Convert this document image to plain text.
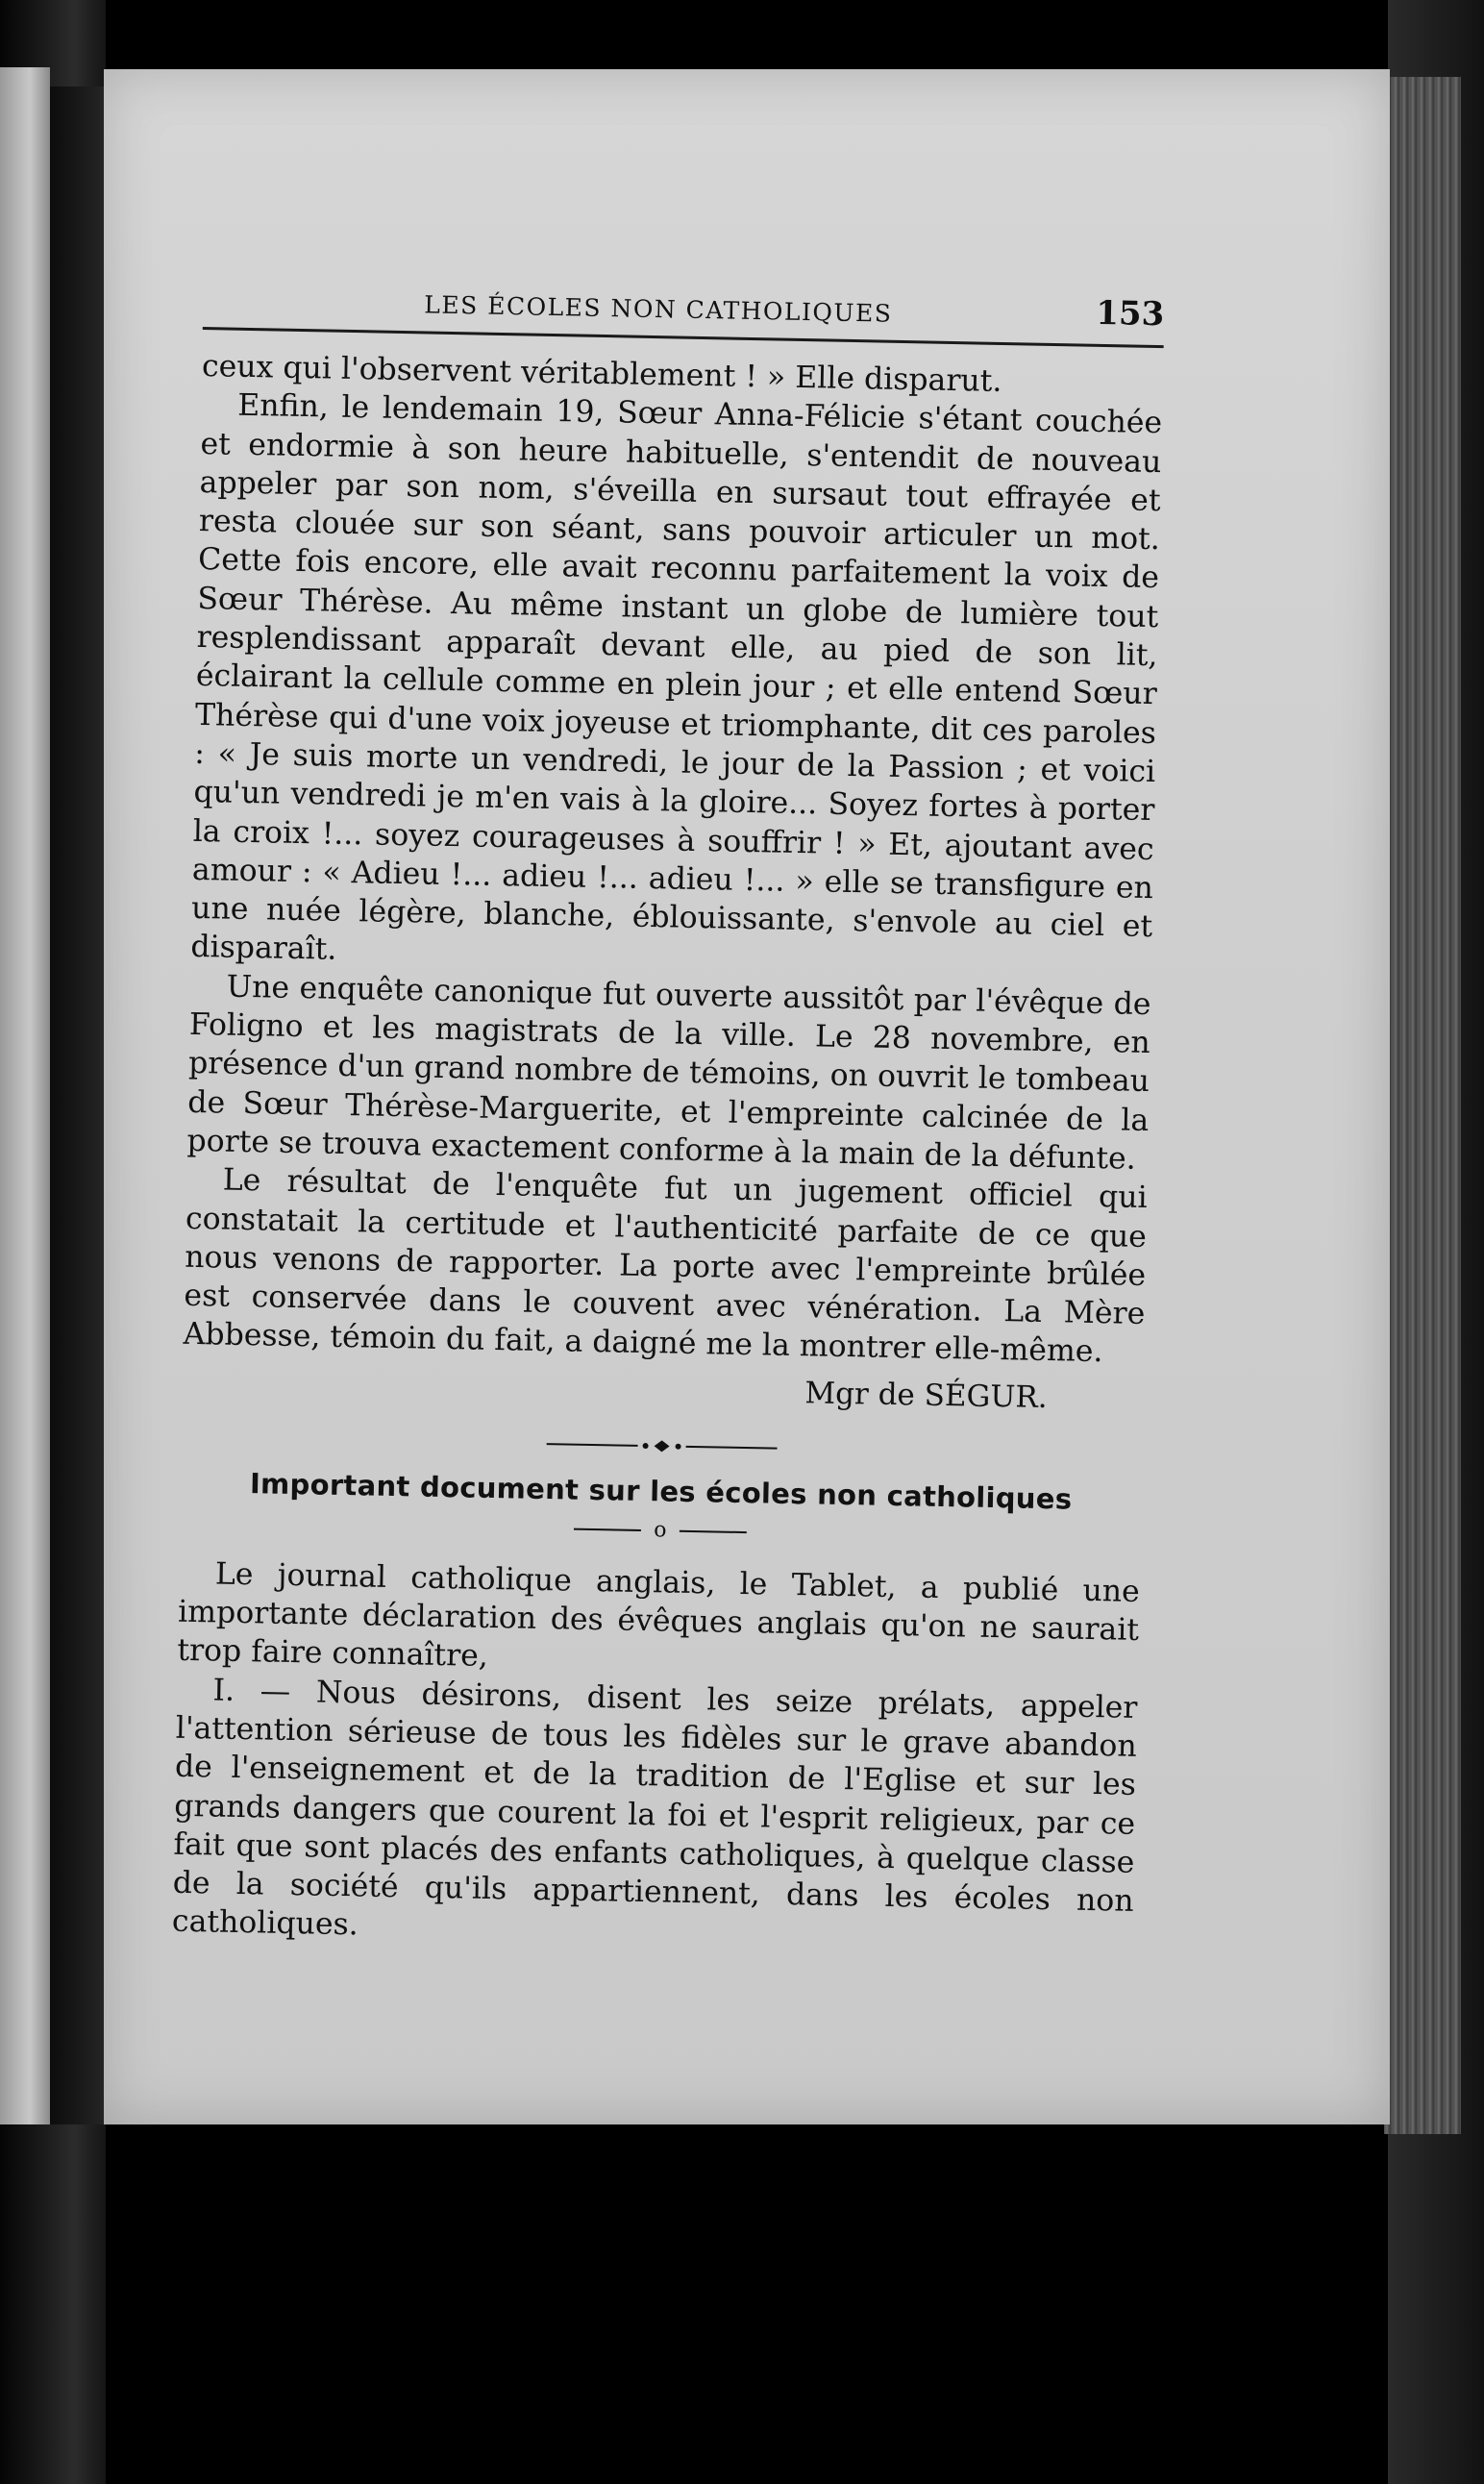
LES ÉCOLES NON CATHOLIQUES	153

ceux qui l'observent véritablement ! » Elle disparut.

Enfin, le lendemain 19, Sœur Anna-Félicie s'étant couchée et endormie à son heure habituelle, s'entendit de nouveau appeler par son nom, s'éveilla en sursaut tout effrayée et resta clouée sur son séant, sans pouvoir articuler un mot. Cette fois encore, elle avait reconnu parfaitement la voix de Sœur Thérèse. Au même instant un globe de lumière tout resplendissant apparaît devant elle, au pied de son lit, éclairant la cellule comme en plein jour ; et elle entend Sœur Thérèse qui d'une voix joyeuse et triomphante, dit ces paroles : « Je suis morte un vendredi, le jour de la Passion ; et voici qu'un vendredi je m'en vais à la gloire... Soyez fortes à porter la croix !... soyez courageuses à souffrir ! » Et, ajoutant avec amour : « Adieu !... adieu !... adieu !... » elle se transfigure en une nuée légère, blanche, éblouissante, s'envole au ciel et disparaît.

Une enquête canonique fut ouverte aussitôt par l'évêque de Foligno et les magistrats de la ville. Le 28 novembre, en présence d'un grand nombre de témoins, on ouvrit le tombeau de Sœur Thérèse-Marguerite, et l'empreinte calcinée de la porte se trouva exactement conforme à la main de la défunte.

Le résultat de l'enquête fut un jugement officiel qui constatait la certitude et l'authenticité parfaite de ce que nous venons de rapporter. La porte avec l'empreinte brûlée est conservée dans le couvent avec vénération. La Mère Abbesse, témoin du fait, a daigné me la montrer elle-même.

Mgr de SÉGUR.

Important document sur les écoles non catholiques

o

Le journal catholique anglais, le Tablet, a publié une importante déclaration des évêques anglais qu'on ne saurait trop faire connaître,

I. — Nous désirons, disent les seize prélats, appeler l'attention sérieuse de tous les fidèles sur le grave abandon de l'enseignement et de la tradition de l'Eglise et sur les grands dangers que courent la foi et l'esprit religieux, par ce fait que sont placés des enfants catholiques, à quelque classe de la société qu'ils appartiennent, dans les écoles non catholiques.
